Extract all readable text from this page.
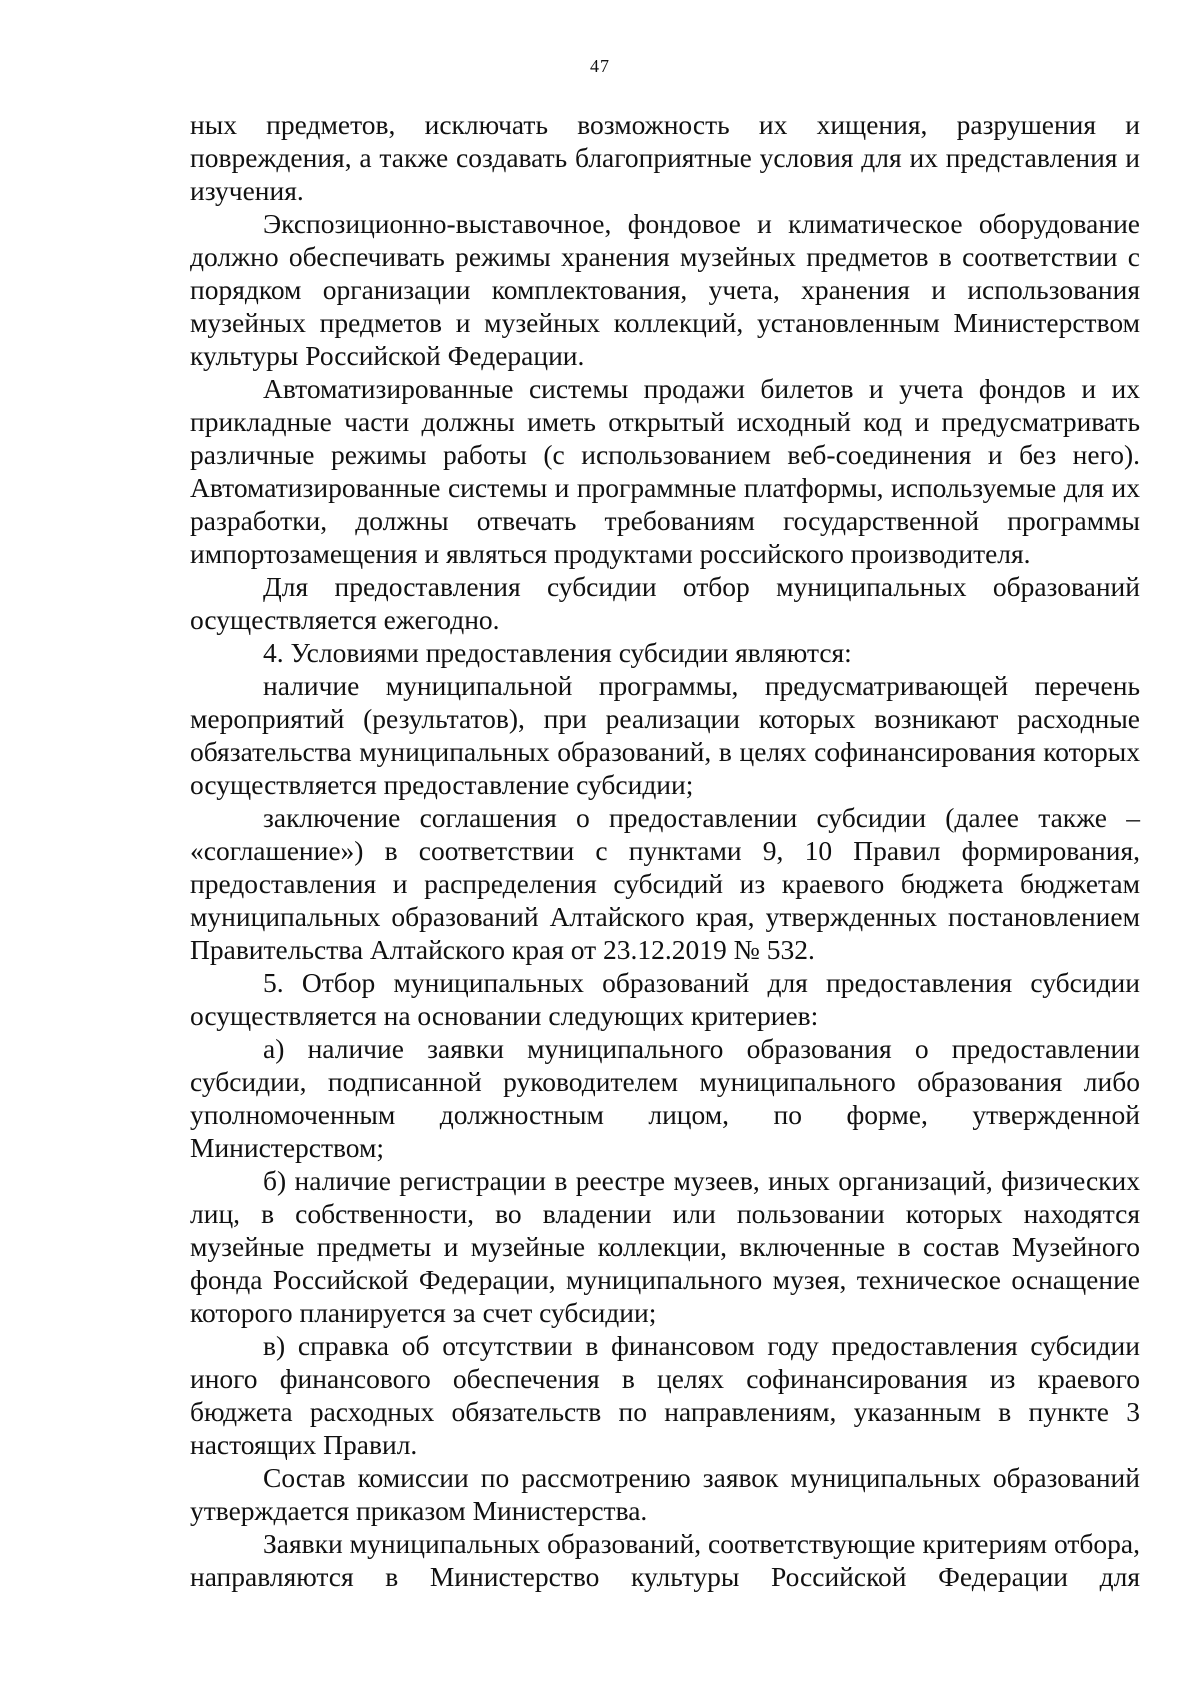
47

ных предметов, исключать возможность их хищения, разрушения и повреждения, а также создавать благоприятные условия для их представления и изучения.

Экспозиционно-выставочное, фондовое и климатическое оборудование должно обеспечивать режимы хранения музейных предметов в соответствии с порядком организации комплектования, учета, хранения и использования музейных предметов и музейных коллекций, установленным Министерством культуры Российской Федерации.

Автоматизированные системы продажи билетов и учета фондов и их прикладные части должны иметь открытый исходный код и предусматривать различные режимы работы (с использованием веб-соединения и без него). Автоматизированные системы и программные платформы, используемые для их разработки, должны отвечать требованиям государственной программы импортозамещения и являться продуктами российского производителя.

Для предоставления субсидии отбор муниципальных образований осуществляется ежегодно.

4. Условиями предоставления субсидии являются:

наличие муниципальной программы, предусматривающей перечень мероприятий (результатов), при реализации которых возникают расходные обязательства муниципальных образований, в целях софинансирования которых осуществляется предоставление субсидии;

заключение соглашения о предоставлении субсидии (далее также – «соглашение») в соответствии с пунктами 9, 10 Правил формирования, предоставления и распределения субсидий из краевого бюджета бюджетам муниципальных образований Алтайского края, утвержденных постановлением Правительства Алтайского края от 23.12.2019 № 532.

5. Отбор муниципальных образований для предоставления субсидии осуществляется на основании следующих критериев:

а) наличие заявки муниципального образования о предоставлении субсидии, подписанной руководителем муниципального образования либо уполномоченным должностным лицом, по форме, утвержденной Министерством;

б) наличие регистрации в реестре музеев, иных организаций, физических лиц, в собственности, во владении или пользовании которых находятся музейные предметы и музейные коллекции, включенные в состав Музейного фонда Российской Федерации, муниципального музея, техническое оснащение которого планируется за счет субсидии;

в) справка об отсутствии в финансовом году предоставления субсидии иного финансового обеспечения в целях софинансирования из краевого бюджета расходных обязательств по направлениям, указанным в пункте 3 настоящих Правил.

Состав комиссии по рассмотрению заявок муниципальных образований утверждается приказом Министерства.

Заявки муниципальных образований, соответствующие критериям отбора, направляются в Министерство культуры Российской Федерации для
